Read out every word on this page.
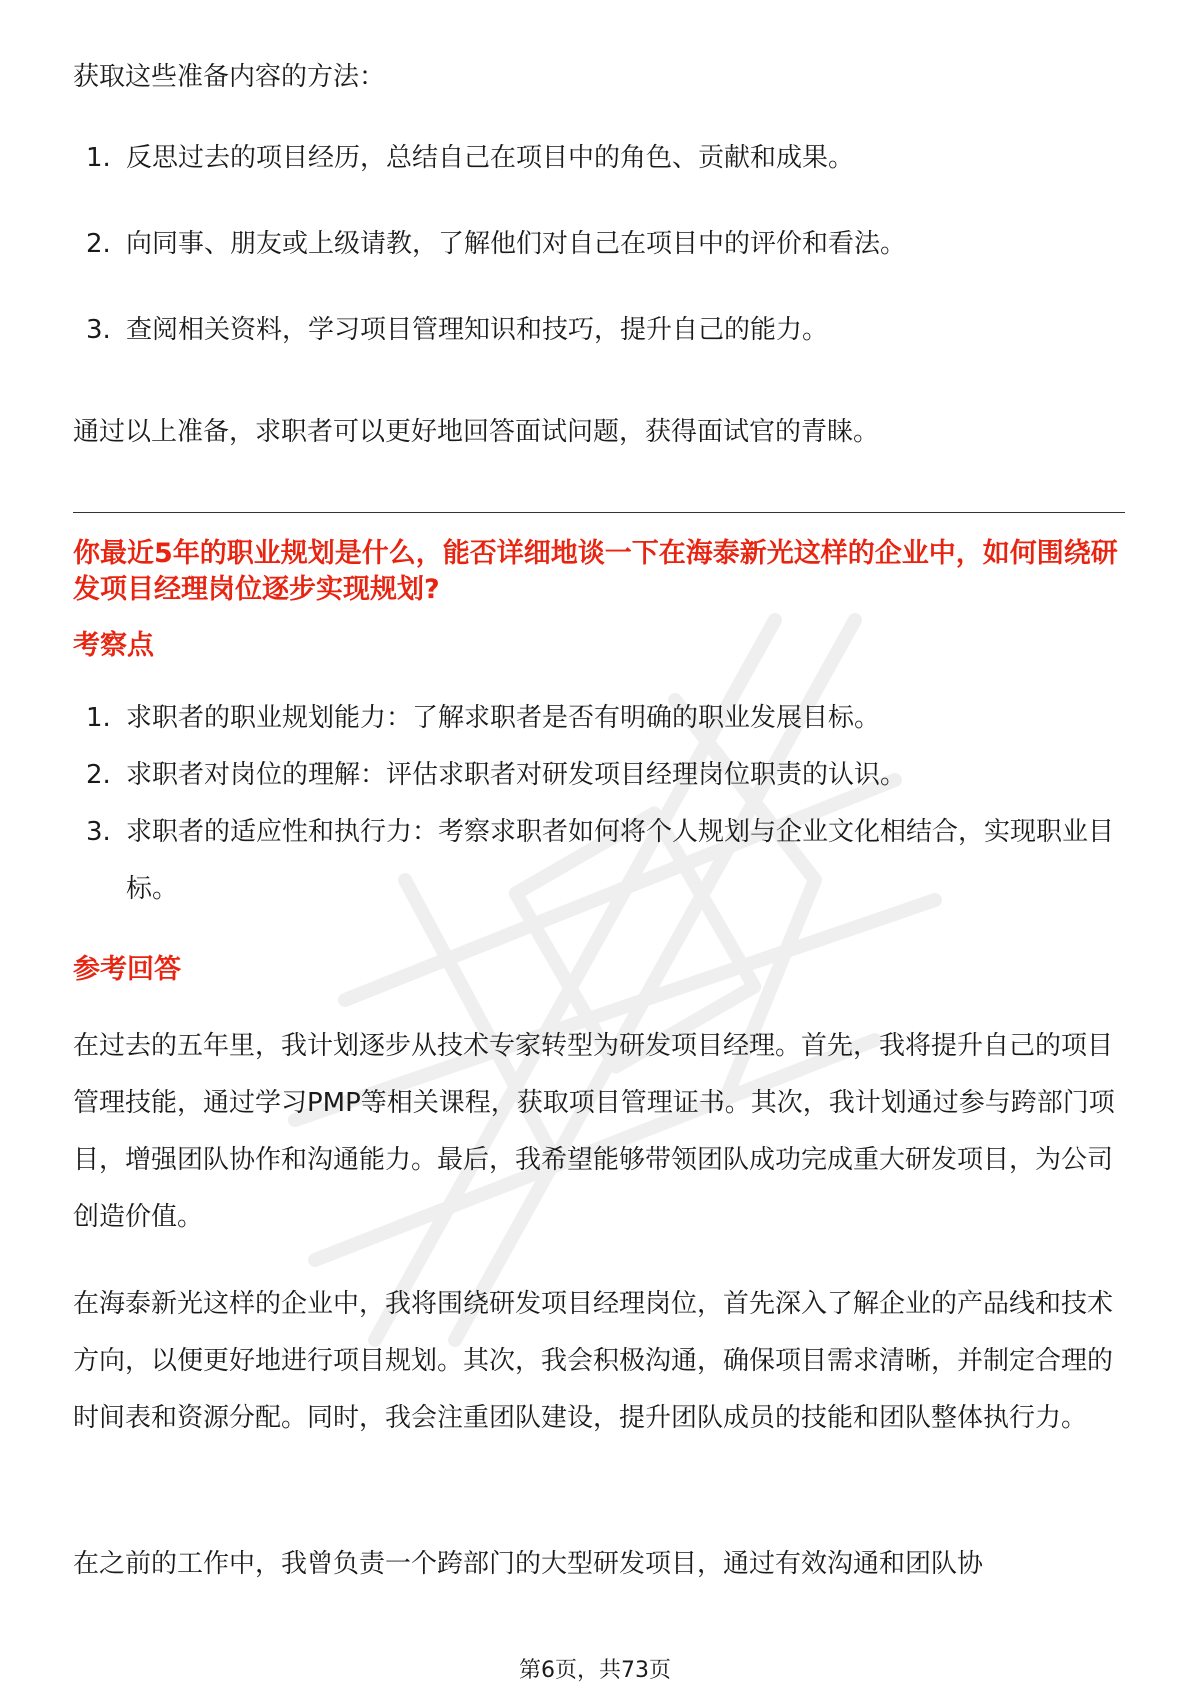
获取这些准备内容的方法：

1. 反思过去的项目经历，总结自己在项目中的角色、贡献和成果。
2. 向同事、朋友或上级请教，了解他们对自己在项目中的评价和看法。
3. 查阅相关资料，学习项目管理知识和技巧，提升自己的能力。

通过以上准备，求职者可以更好地回答面试问题，获得面试官的青睐。

你最近5年的职业规划是什么，能否详细地谈一下在海泰新光这样的企业中，如何围绕研发项目经理岗位逐步实现规划?

考察点

1. 求职者的职业规划能力：了解求职者是否有明确的职业发展目标。
2. 求职者对岗位的理解：评估求职者对研发项目经理岗位职责的认识。
3. 求职者的适应性和执行力：考察求职者如何将个人规划与企业文化相结合，实现职业目标。

参考回答

在过去的五年里，我计划逐步从技术专家转型为研发项目经理。首先，我将提升自己的项目管理技能，通过学习PMP等相关课程，获取项目管理证书。其次，我计划通过参与跨部门项目，增强团队协作和沟通能力。最后，我希望能够带领团队成功完成重大研发项目，为公司创造价值。

在海泰新光这样的企业中，我将围绕研发项目经理岗位，首先深入了解企业的产品线和技术方向，以便更好地进行项目规划。其次，我会积极沟通，确保项目需求清晰，并制定合理的时间表和资源分配。同时，我会注重团队建设，提升团队成员的技能和团队整体执行力。

在之前的工作中，我曾负责一个跨部门的大型研发项目，通过有效沟通和团队协

第6页，共73页
